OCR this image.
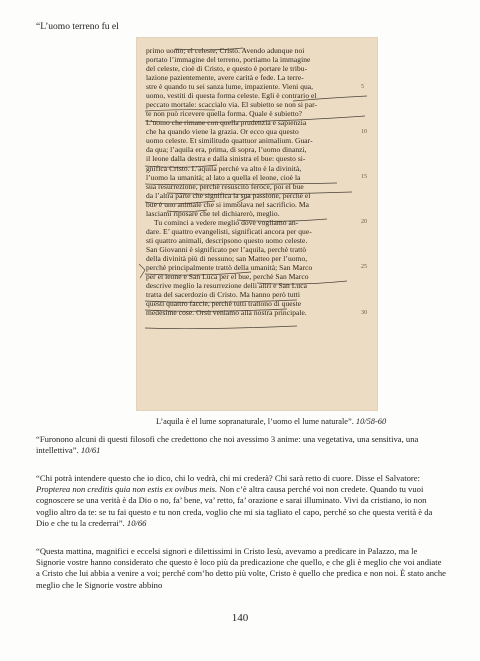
“L’uomo terreno fu el
primo uomo; el celeste, Cristo. Avendo adunque noi
portato l’immagine del terreno, portiamo la immagine
del celeste, cioè di Cristo, e questo è portare le tribu-
lazione pazientemente, avere carità e fede. La terre-
stre è quando tu sei sanza lume, impaziente. Vieni qua,	5
uomo, vestiti di questa forma celeste. Egli è contrario el
peccato mortale: scaccialo via. El subietto se non si par-
te non può ricevere quella forma. Quale è subietto?
L’uomo che rimane con quella prudenzia e sapienzia
che ha quando viene la grazia. Or ecco qua questo	10
uomo celeste. Et similitudo quattuor animalium. Guar-
da qua; l’aquila era, prima, di sopra, l’uomo dinanzi,
il leone dalla destra e dalla sinistra el bue: questo si-
gnifica Cristo. L’aquila perchè va alto è la divinità,
l’uomo la umanità; al lato a quella el leone, cioè la	15
sua resurrezione, perchè resuscitò feroce, poi el bue
da l’altra parte che significa la sua passione, perchè el
bue è uno animale che si immolava nel sacrificio. Ma
lasciami riposare che tel dichiarerò, meglio.
Tu cominci a vedere meglio dove vogliamo an-	20
dare. E’ quattro evangelisti, significati ancora per que-
sti quattro animali, descripsono questo uomo celeste.
San Giovanni è significato per l’aquila, perchè trattò
della divinità più di nessuno; san Matteo per l’uomo,
perchè principalmente trattò della umanità; San Marco	25
per el leone e San Luca per el bue, perchè San Marco
descrive meglio la resurrezione delli altri e San Luca
tratta del sacerdozio di Cristo. Ma hanno però tutti
questi quattro faccie, perchè tutti trattono di queste
medesime cose. Orsù veniamo alla nostra principale.	30
L’aquila è el lume sopranaturale, l’uomo el lume naturale”. 10/58-60
“Furonono alcuni di questi filosofi che credettono che noi avessimo 3 anime: una vegetativa, una sensitiva, una intellettiva”. 10/61
“Chi potrà intendere questo che io dico, chi lo vedrà, chi mi crederà? Chi sarà retto di cuore. Disse el Salvatore: Propterea non creditis quia non estis ex ovibus meis. Non c’è altra causa perché voi non credete. Quando tu vuoi cognoscere se una verità è da Dio o no, fa’ bene, va’ retto, fa’ orazione e sarai illuminato. Vivi da cristiano, io non voglio altro da te: se tu fai questo e tu non creda, voglio che mi sia tagliato el capo, perché so che questa verità è da Dio e che tu la crederrai”. 10/66
“Questa mattina, magnifici e eccelsi signori e dilettissimi in Cristo Iesù, avevamo a predicare in Palazzo, ma le Signorie vostre hanno considerato che questo è loco più da predicazione che quello, e che gli è meglio che voi andiate a Cristo che lui abbia a venire a voi; perché com’ho detto più volte, Cristo è quello che predica e non noi. È stato anche meglio che le Signorie vostre abbino
140
